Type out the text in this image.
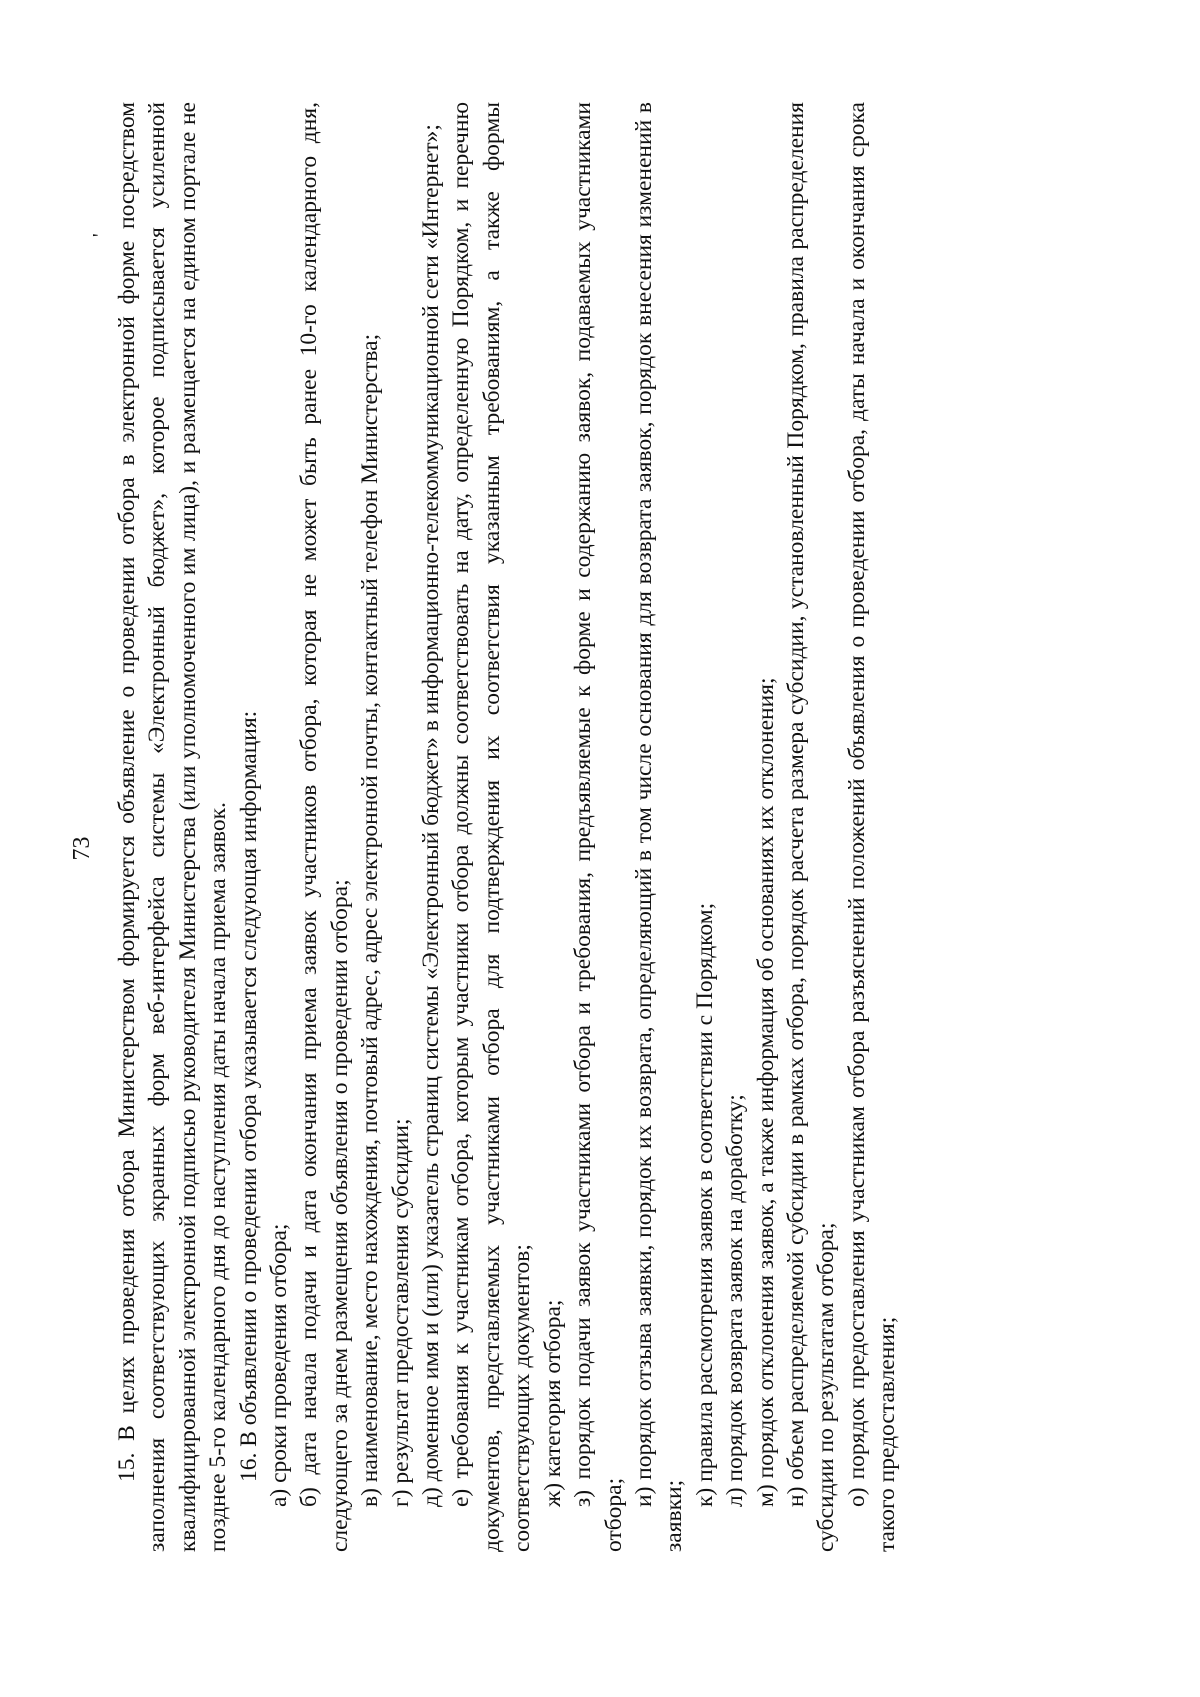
73
' 15. В целях проведения отбора Министерством формируется объявление о проведении отбора в электронной форме посредством заполнения соответствующих экранных форм веб-интерфейса системы «Электронный бюджет», которое подписывается усиленной квалифицированной электронной подписью руководителя Министерства (или уполномоченного им лица), и размещается на едином портале не позднее 5-го календарного дня до наступления даты начала приема заявок. 16. В объявлении о проведении отбора указывается следующая информация: а) сроки проведения отбора; б) дата начала подачи и дата окончания приема заявок участников отбора, которая не может быть ранее 10-го календарного дня, следующего за днем размещения объявления о проведении отбора; в) наименование, место нахождения, почтовый адрес, адрес электронной почты, контактный телефон Министерства; г) результат предоставления субсидии; д) доменное имя и (или) указатель страниц системы «Электронный бюджет» в информационно-телекоммуникационной сети «Интернет»; е) требования к участникам отбора, которым участники отбора должны соответствовать на дату, определенную Порядком, и перечню документов, представляемых участниками отбора для подтверждения их соответствия указанным требованиям, а также формы соответствующих документов; ж) категория отбора; з) порядок подачи заявок участниками отбора и требования, предъявляемые к форме и содержанию заявок, подаваемых участниками отбора;

и) порядок отзыва заявки, порядок их возврата, определяющий в том числе основания для возврата заявок, порядок внесения изменений в заявки;

к) правила рассмотрения заявок в соответствии с Порядком; л) порядок возврата заявок на доработку; м) порядок отклонения заявок, а также информация об основаниях их отклонения; н) объем распределяемой субсидии в рамках отбора, порядок расчета размера субсидии, установленный Порядком, правила распределения субсидии по результатам отбора; о) порядок предоставления участникам отбора разъяснений положений объявления о проведении отбора, даты начала и окончания срока такого предоставления;
